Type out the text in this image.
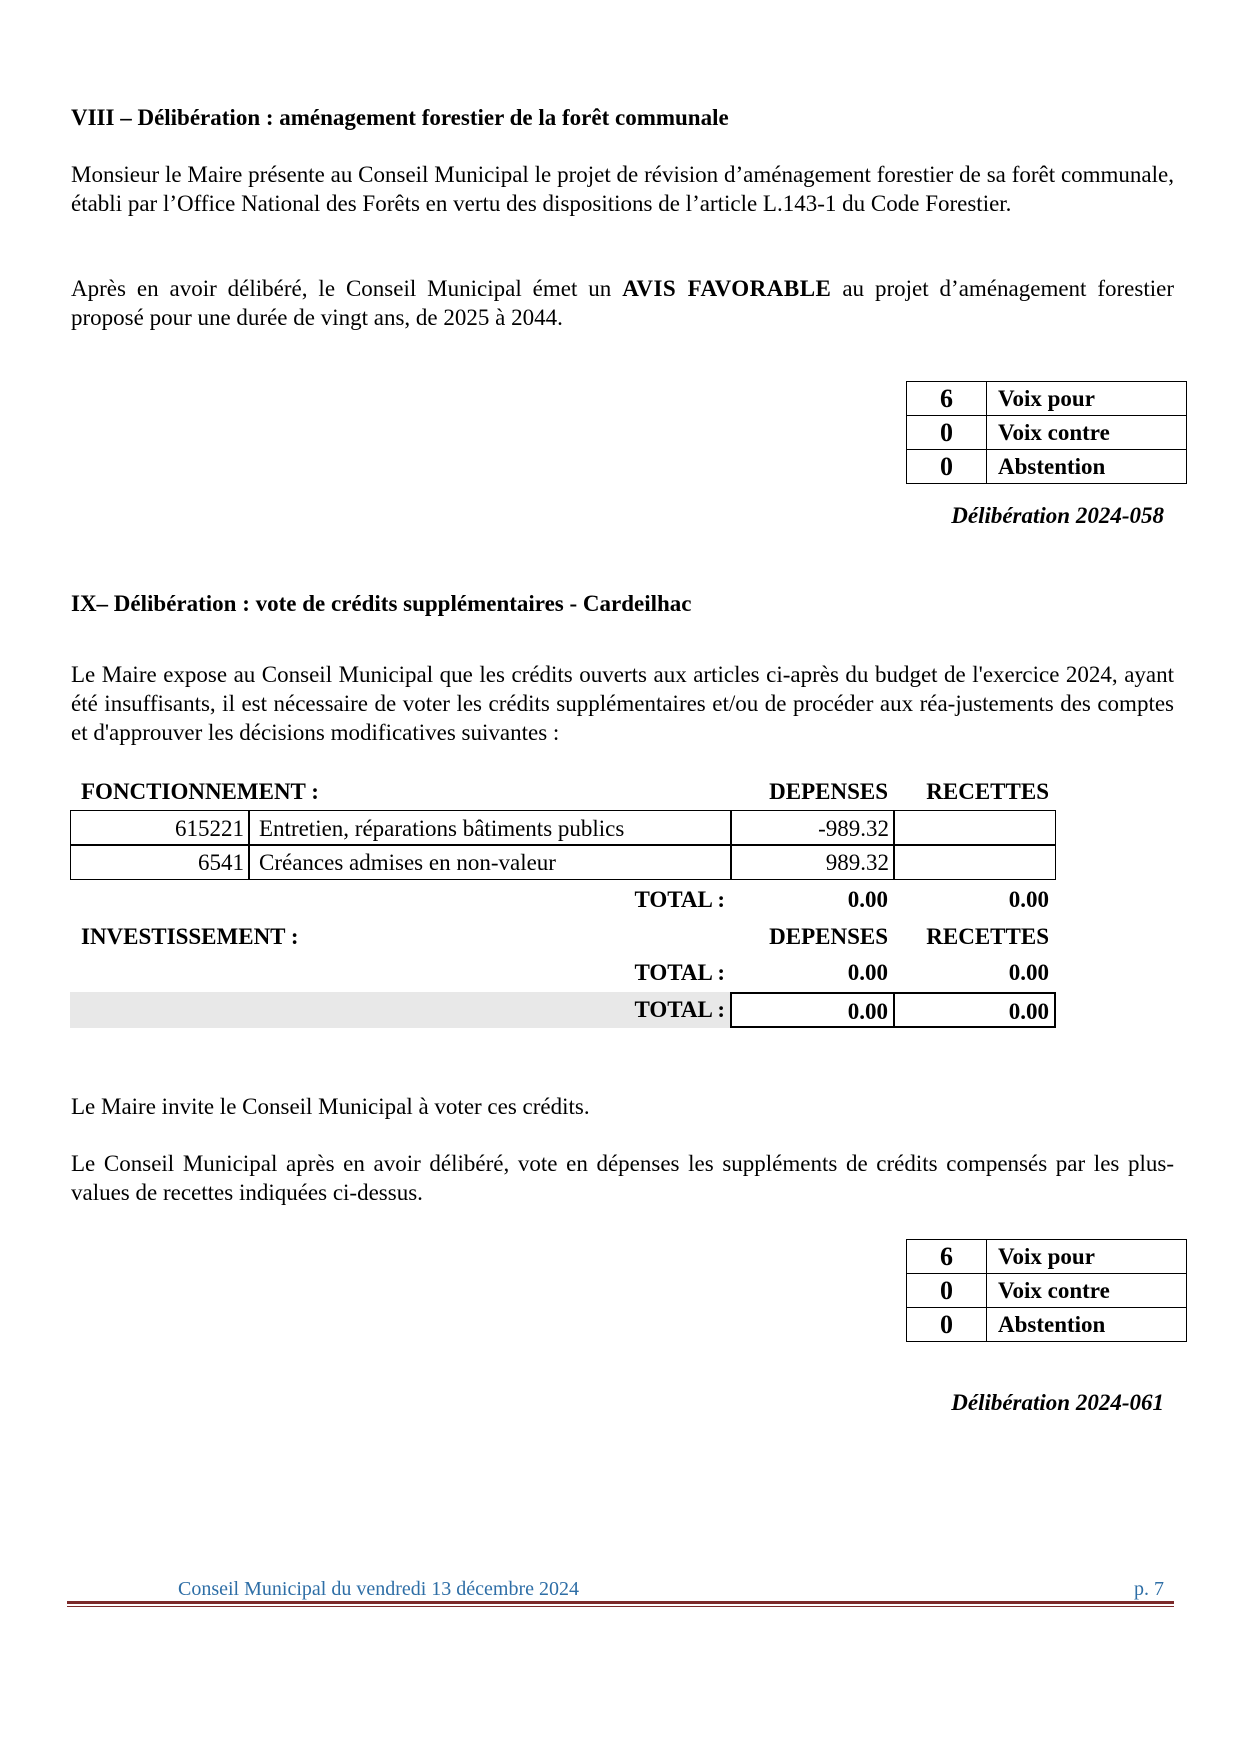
VIII – Délibération : aménagement forestier de la forêt communale
Monsieur le Maire présente au Conseil Municipal le projet de révision d’aménagement forestier de sa forêt communale, établi par l’Office National des Forêts en vertu des dispositions de l’article L.143-1 du Code Forestier.
Après en avoir délibéré, le Conseil Municipal émet un AVIS FAVORABLE au projet d’aménagement forestier proposé pour une durée de vingt ans, de 2025 à 2044.
6	Voix pour
0	Voix contre
0	Abstention
Délibération 2024-058
IX– Délibération : vote de crédits supplémentaires - Cardeilhac
Le Maire expose au Conseil Municipal que les crédits ouverts aux articles ci-après du budget de l'exercice 2024, ayant été insuffisants, il est nécessaire de voter les crédits supplémentaires et/ou de procéder aux réa-justements des comptes et d'approuver les décisions modificatives suivantes :
FONCTIONNEMENT :	DEPENSES	RECETTES
615221 Entretien, réparations bâtiments publics	-989.32
6541 Créances admises en non-valeur	989.32
TOTAL :	0.00	0.00
INVESTISSEMENT :	DEPENSES	RECETTES
TOTAL :	0.00	0.00
TOTAL :	0.00	0.00
Le Maire invite le Conseil Municipal à voter ces crédits.
Le Conseil Municipal après en avoir délibéré, vote en dépenses les suppléments de crédits compensés par les plus-values de recettes indiquées ci-dessus.
6	Voix pour
0	Voix contre
0	Abstention
Délibération 2024-061
Conseil Municipal du vendredi 13 décembre 2024	p. 7
